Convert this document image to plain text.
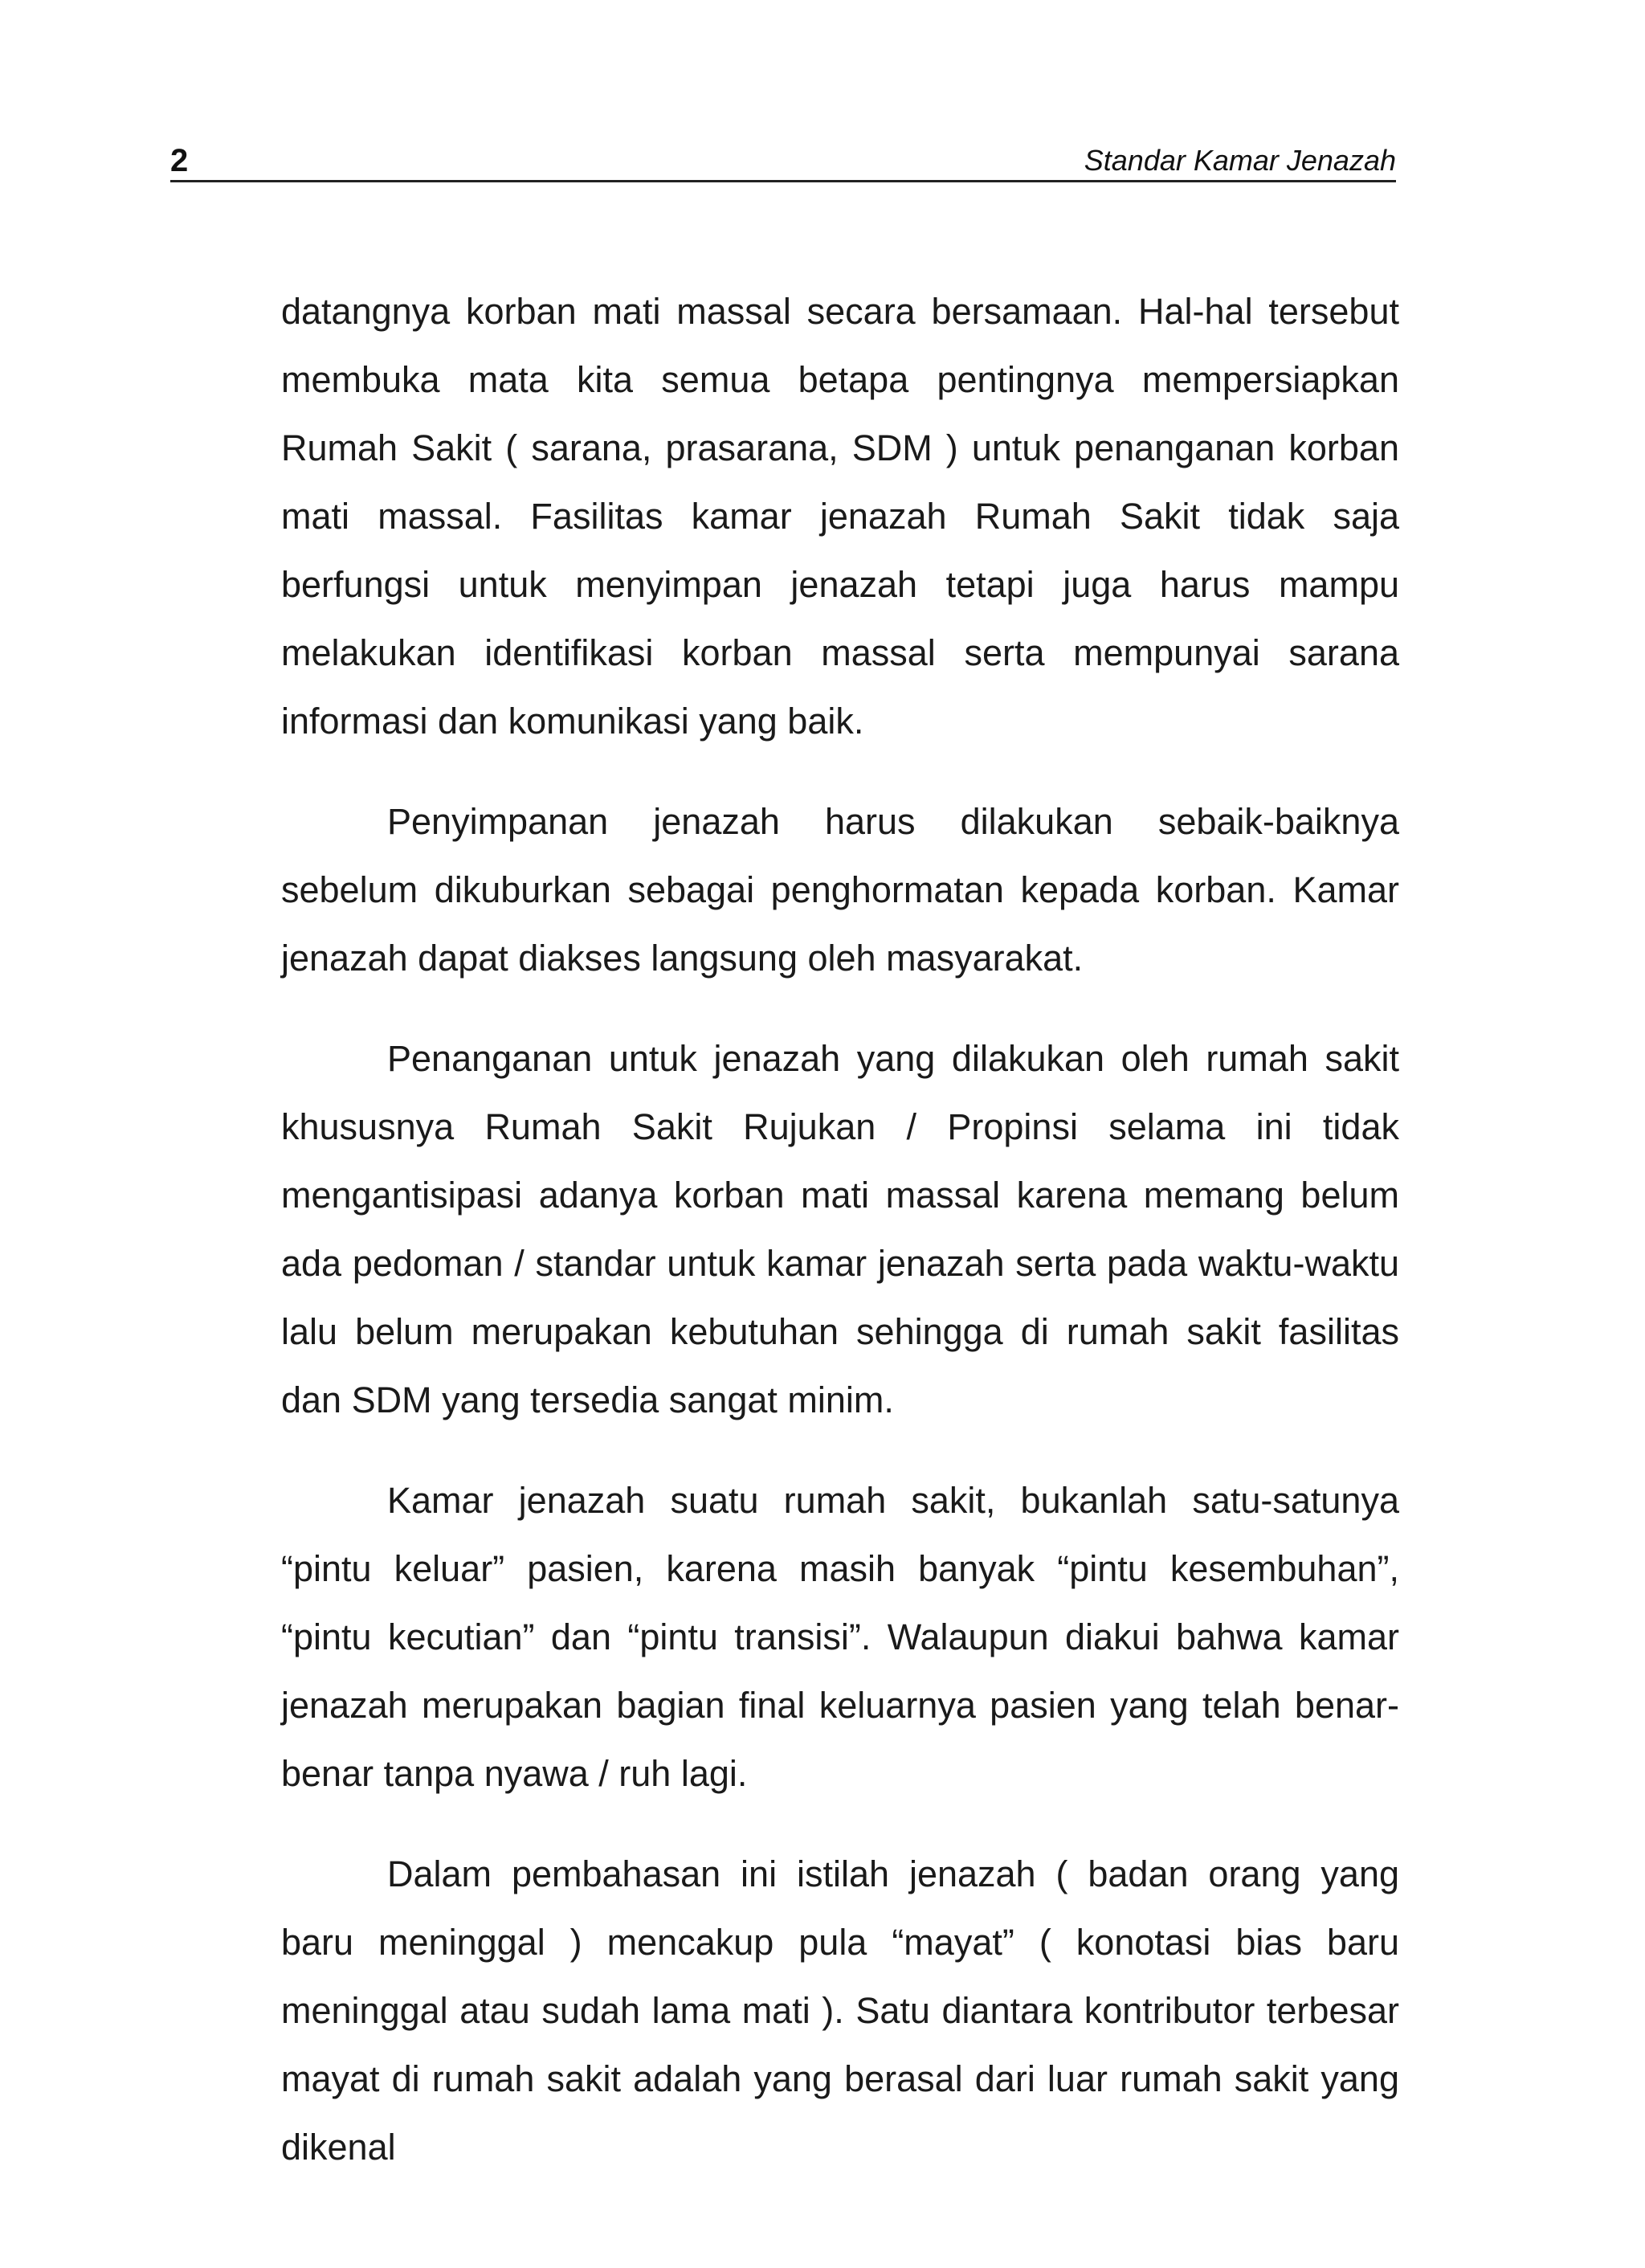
2	Standar Kamar Jenazah

datangnya korban mati massal secara bersamaan. Hal-hal tersebut membuka mata kita semua betapa pentingnya mempersiapkan Rumah Sakit ( sarana, prasarana, SDM ) untuk penanganan korban mati massal. Fasilitas kamar jenazah Rumah Sakit tidak saja berfungsi untuk menyimpan jenazah tetapi juga harus mampu melakukan identifikasi korban massal serta mempunyai sarana informasi dan komunikasi yang baik.

Penyimpanan jenazah harus dilakukan sebaik-baiknya sebelum dikuburkan sebagai penghormatan kepada korban. Kamar jenazah dapat diakses langsung oleh masyarakat.

Penanganan untuk jenazah yang dilakukan oleh rumah sakit khususnya Rumah Sakit Rujukan / Propinsi selama ini tidak mengantisipasi adanya korban mati massal karena memang belum ada pedoman / standar untuk kamar jenazah serta pada waktu-waktu lalu belum merupakan kebutuhan sehingga di rumah sakit fasilitas dan SDM yang tersedia sangat minim.

Kamar jenazah suatu rumah sakit, bukanlah satu-satunya “pintu keluar” pasien, karena masih banyak “pintu kesembuhan”, “pintu kecutian” dan “pintu transisi”. Walaupun diakui bahwa kamar jenazah merupakan bagian final keluarnya pasien yang telah benar-benar tanpa nyawa / ruh lagi.

Dalam pembahasan ini istilah jenazah ( badan orang yang baru meninggal ) mencakup pula “mayat” ( konotasi bias baru meninggal atau sudah lama mati ). Satu diantara kontributor terbesar mayat di rumah sakit adalah yang berasal dari luar rumah sakit yang dikenal
